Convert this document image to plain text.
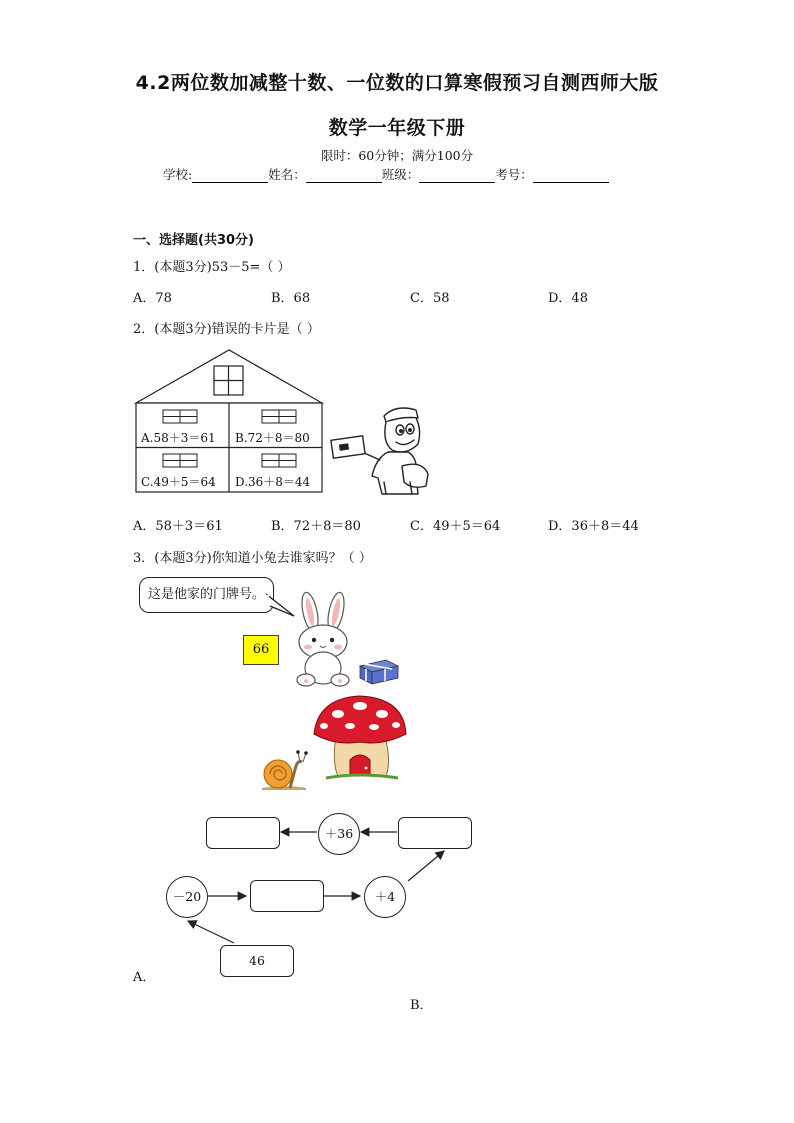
4.2两位数加减整十数、一位数的口算寒假预习自测西师大版
数学一年级下册
限时：60分钟；满分100分
学校:	姓名：	班级：	考号：
一、选择题(共30分)
1．(本题3分)53－5=（ ）
A．78	B．68	C．58	D．48
2．(本题3分)错误的卡片是（ ）
A.58＋3＝61 B.72＋8＝80
C.49＋5＝64 D.36＋8＝44
A．58＋3＝61	B．72＋8＝80	C．49＋5＝64	D．36＋8＝44
3．(本题3分)你知道小兔去谁家吗？（ ）
这是他家的门牌号。
66
＋36
－20	＋4
46
A．
B．
